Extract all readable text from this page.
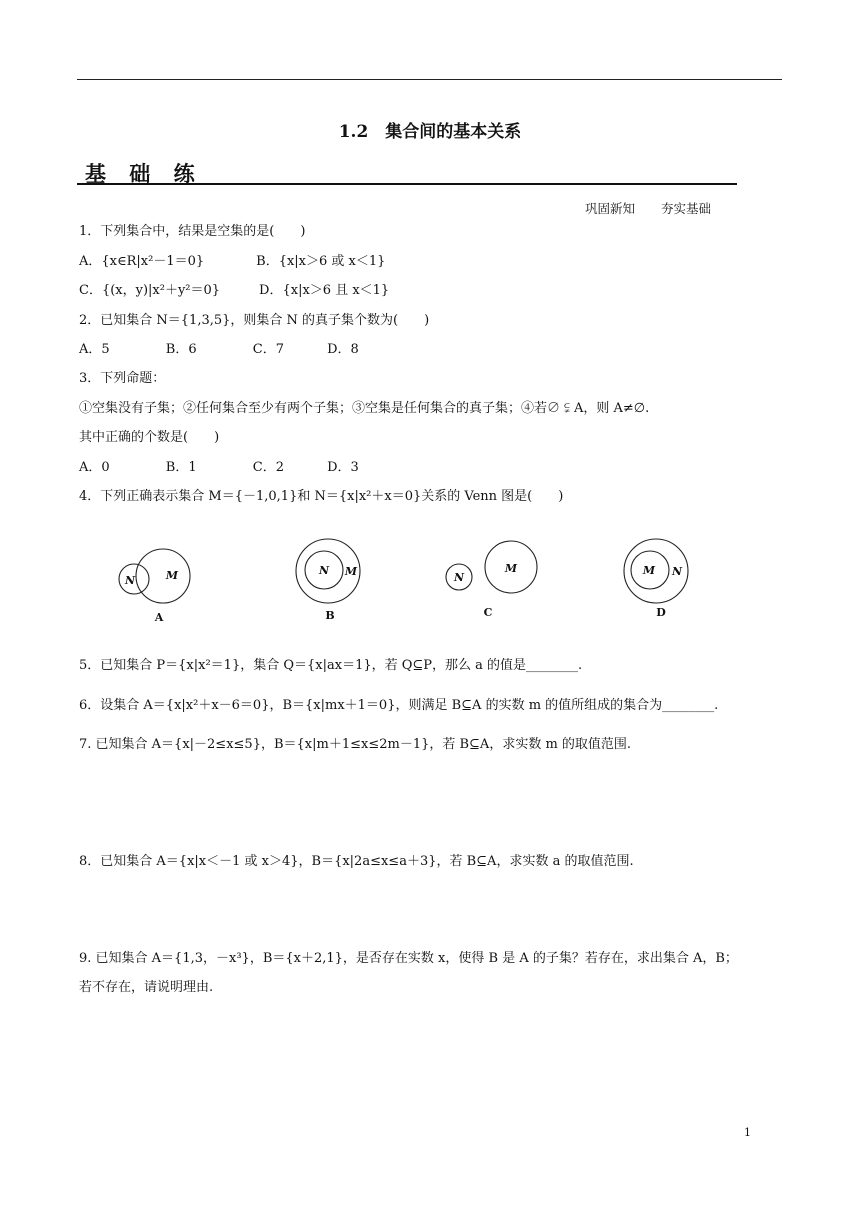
1.2　集合间的基本关系
基 础 练
巩固新知 夯实基础
1．下列集合中，结果是空集的是(　　)
A．{x∈R|x²－1＝0}　　　　B．{x|x＞6 或 x＜1}
C．{(x，y)|x²＋y²＝0}　　　D．{x|x＞6 且 x＜1}
2．已知集合 N＝{1,3,5}，则集合 N 的真子集个数为(　　)
A．5　　　　 B．6　　　　 C．7　　　 D．8
3．下列命题：
①空集没有子集；②任何集合至少有两个子集；③空集是任何集合的真子集；④若∅ ⫋ A，则 A≠∅.
其中正确的个数是(　　)
A．0　　　　 B．1　　　　 C．2　　　 D．3
4．下列正确表示集合 M＝{－1,0,1}和 N＝{x|x²＋x＝0}关系的 Venn 图是(　　)
M
N
N M	N
M	M N
A	B	C	D
5．已知集合 P＝{x|x²＝1}，集合 Q＝{x|ax＝1}，若 Q⊆P，那么 a 的值是________.
6．设集合 A＝{x|x²＋x－6＝0}，B＝{x|mx＋1＝0}，则满足 B⊆A 的实数 m 的值所组成的集合为________.
7. 已知集合 A＝{x|－2≤x≤5}，B＝{x|m＋1≤x≤2m－1}，若 B⊆A，求实数 m 的取值范围.
8．已知集合 A＝{x|x＜－1 或 x＞4}，B＝{x|2a≤x≤a＋3}，若 B⊆A，求实数 a 的取值范围.
9. 已知集合 A＝{1,3，－x³}，B＝{x＋2,1}，是否存在实数 x，使得 B 是 A 的子集？若存在，求出集合 A，B；
若不存在，请说明理由.
1
